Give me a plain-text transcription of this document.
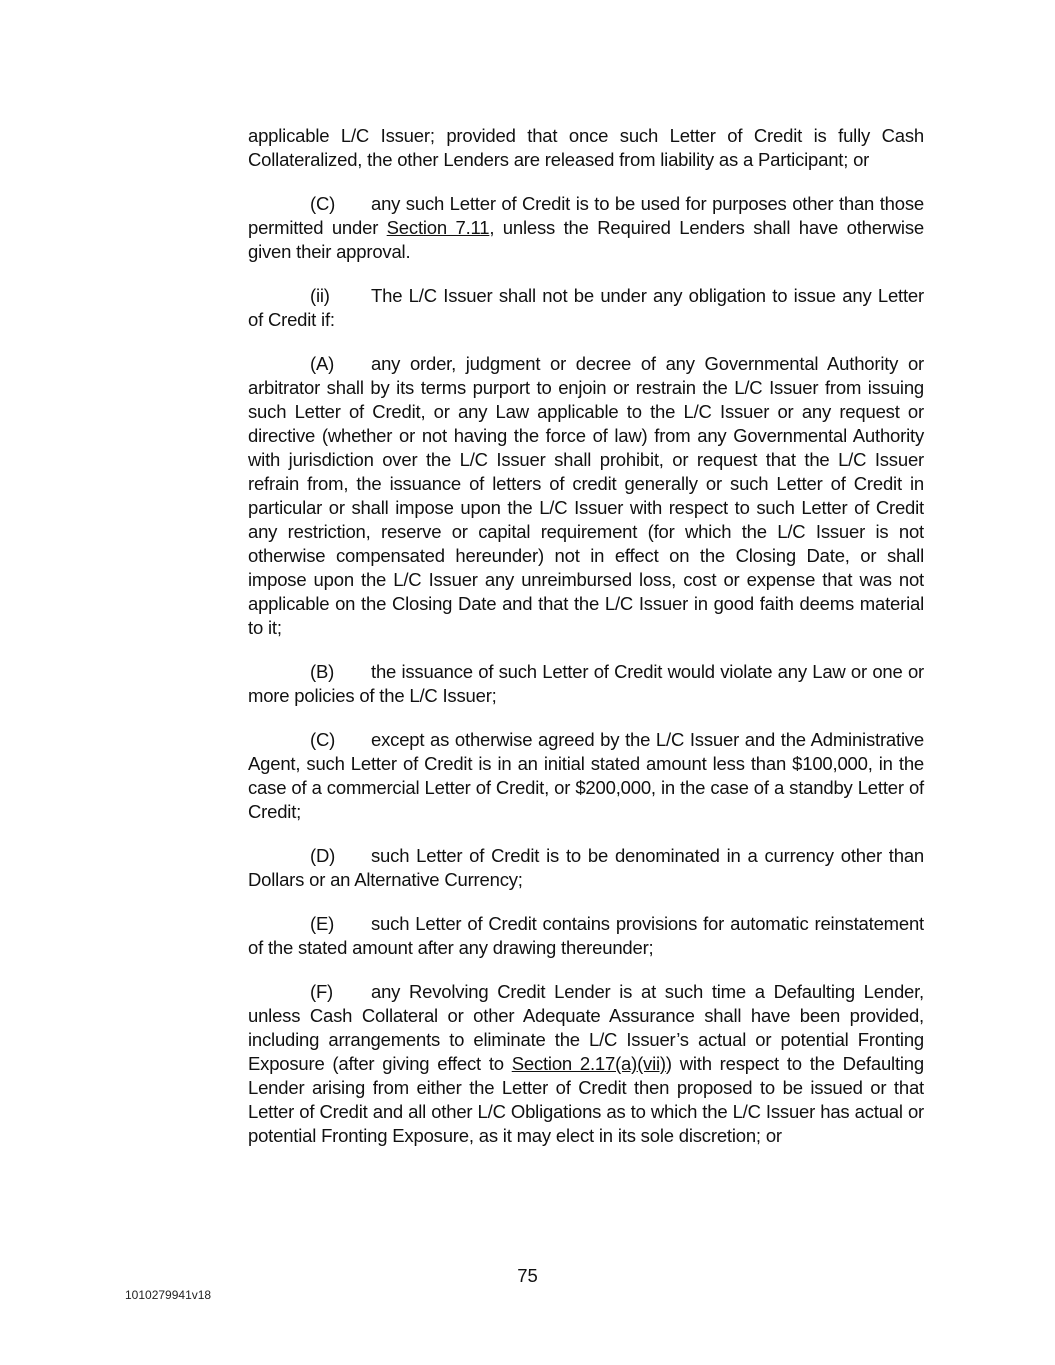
applicable L/C Issuer; provided that once such Letter of Credit is fully Cash Collateralized, the other Lenders are released from liability as a Participant; or

(C) any such Letter of Credit is to be used for purposes other than those permitted under Section 7.11, unless the Required Lenders shall have otherwise given their approval.

(ii) The L/C Issuer shall not be under any obligation to issue any Letter of Credit if:

(A) any order, judgment or decree of any Governmental Authority or arbitrator shall by its terms purport to enjoin or restrain the L/C Issuer from issuing such Letter of Credit, or any Law applicable to the L/C Issuer or any request or directive (whether or not having the force of law) from any Governmental Authority with jurisdiction over the L/C Issuer shall prohibit, or request that the L/C Issuer refrain from, the issuance of letters of credit generally or such Letter of Credit in particular or shall impose upon the L/C Issuer with respect to such Letter of Credit any restriction, reserve or capital requirement (for which the L/C Issuer is not otherwise compensated hereunder) not in effect on the Closing Date, or shall impose upon the L/C Issuer any unreimbursed loss, cost or expense that was not applicable on the Closing Date and that the L/C Issuer in good faith deems material to it;

(B) the issuance of such Letter of Credit would violate any Law or one or more policies of the L/C Issuer;

(C) except as otherwise agreed by the L/C Issuer and the Administrative Agent, such Letter of Credit is in an initial stated amount less than $100,000, in the case of a commercial Letter of Credit, or $200,000, in the case of a standby Letter of Credit;

(D) such Letter of Credit is to be denominated in a currency other than Dollars or an Alternative Currency;

(E) such Letter of Credit contains provisions for automatic reinstatement of the stated amount after any drawing thereunder;

(F) any Revolving Credit Lender is at such time a Defaulting Lender, unless Cash Collateral or other Adequate Assurance shall have been provided, including arrangements to eliminate the L/C Issuer’s actual or potential Fronting Exposure (after giving effect to Section 2.17(a)(vii)) with respect to the Defaulting Lender arising from either the Letter of Credit then proposed to be issued or that Letter of Credit and all other L/C Obligations as to which the L/C Issuer has actual or potential Fronting Exposure, as it may elect in its sole discretion; or

75
1010279941v18
